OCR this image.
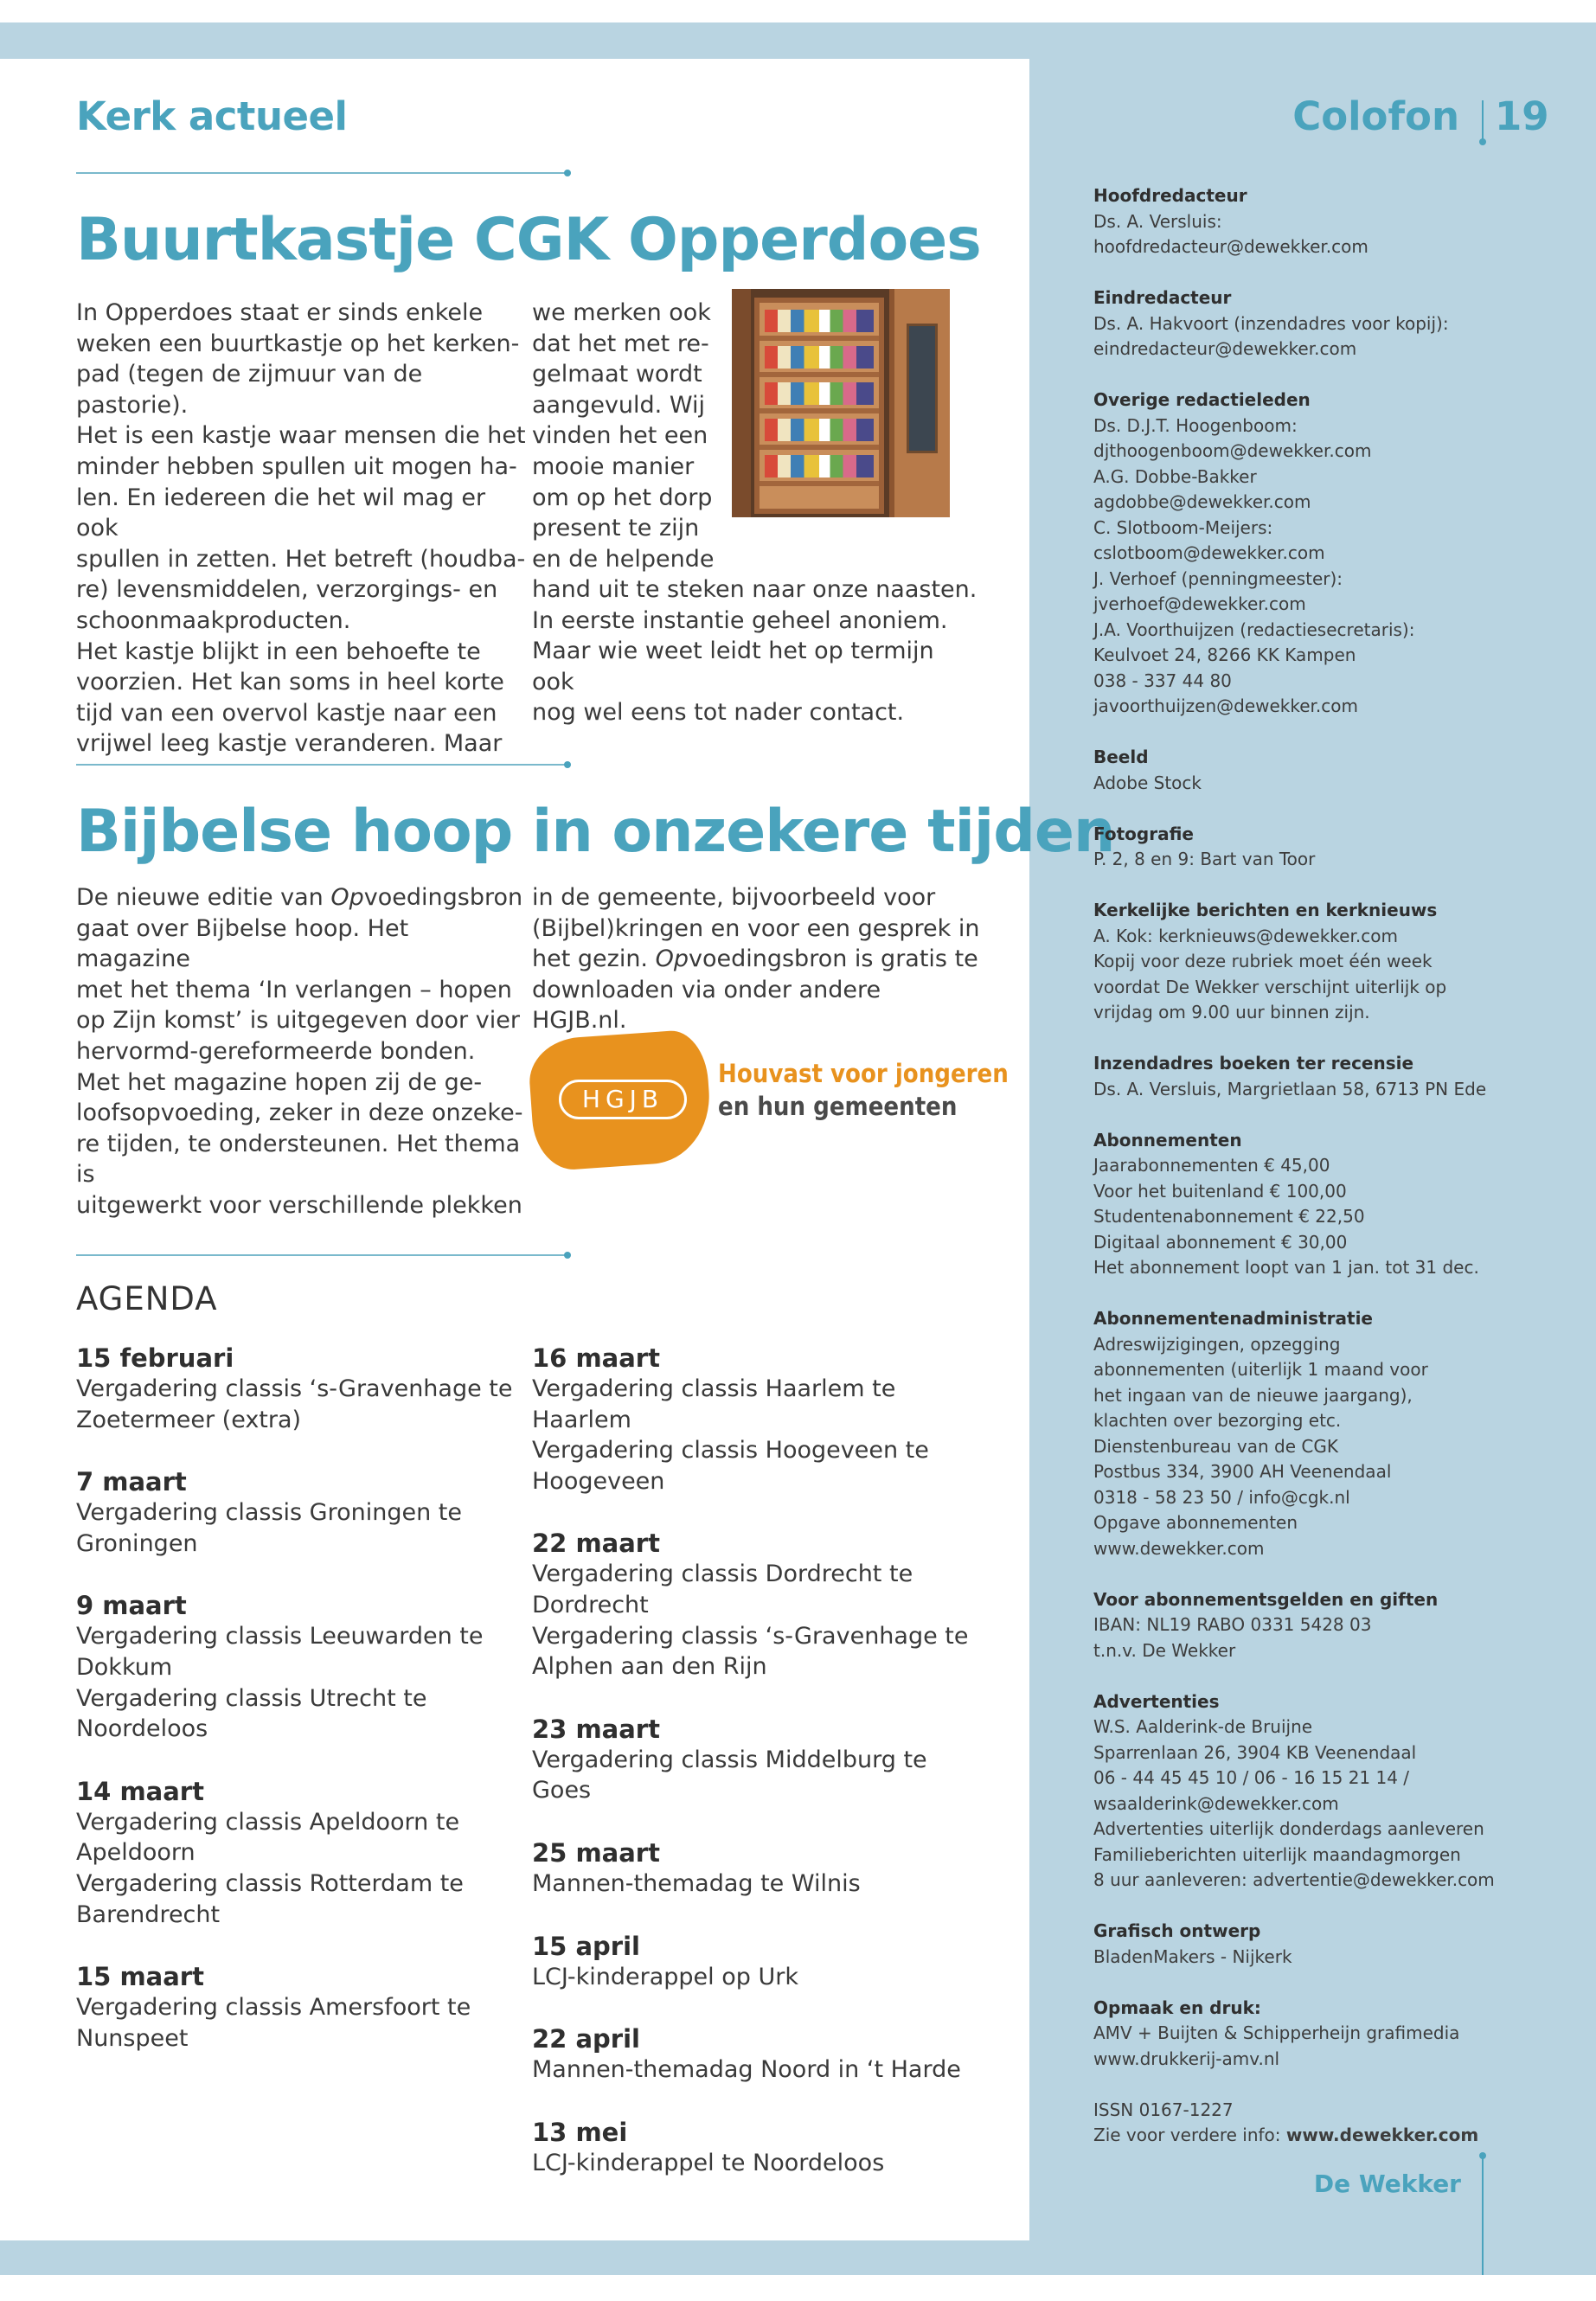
Kerk actueel
Buurtkastje CGK Opperdoes
In Opperdoes staat er sinds enkele
weken een buurtkastje op het kerken-
pad (tegen de zijmuur van de pastorie).
Het is een kastje waar mensen die het
minder hebben spullen uit mogen ha-
len. En iedereen die het wil mag er ook
spullen in zetten. Het betreft (houdba-
re) levensmiddelen, verzorgings- en
schoonmaakproducten.
Het kastje blijkt in een behoefte te
voorzien. Het kan soms in heel korte
tijd van een overvol kastje naar een
vrijwel leeg kastje veranderen. Maar
we merken ook
dat het met re-
gelmaat wordt
aangevuld. Wij
vinden het een
mooie manier
om op het dorp
present te zijn
en de helpende
hand uit te steken naar onze naasten.
In eerste instantie geheel anoniem.
Maar wie weet leidt het op termijn ook
nog wel eens tot nader contact.
Bijbelse hoop in onzekere tijden
De nieuwe editie van Opvoedingsbron
gaat over Bijbelse hoop. Het magazine
met het thema ‘In verlangen – hopen
op Zijn komst’ is uitgegeven door vier
hervormd-gereformeerde bonden.
Met het magazine hopen zij de ge-
loofsopvoeding, zeker in deze onzeke-
re tijden, te ondersteunen. Het thema is
uitgewerkt voor verschillende plekken
in de gemeente, bijvoorbeeld voor
(Bijbel)kringen en voor een gesprek in
het gezin. Opvoedingsbron is gratis te
downloaden via onder andere HGJB.nl.
HGJB
Houvast voor jongeren
en hun gemeenten
AGENDA
15 februari
Vergadering classis ‘s-Gravenhage te
Zoetermeer (extra)
7 maart
Vergadering classis Groningen te
Groningen
9 maart
Vergadering classis Leeuwarden te
Dokkum
Vergadering classis Utrecht te
Noordeloos
14 maart
Vergadering classis Apeldoorn te
Apeldoorn
Vergadering classis Rotterdam te
Barendrecht
15 maart
Vergadering classis Amersfoort te
Nunspeet
16 maart
Vergadering classis Haarlem te
Haarlem
Vergadering classis Hoogeveen te
Hoogeveen
22 maart
Vergadering classis Dordrecht te
Dordrecht
Vergadering classis ‘s-Gravenhage te
Alphen aan den Rijn
23 maart
Vergadering classis Middelburg te
Goes
25 maart
Mannen-themadag te Wilnis
15 april
LCJ-kinderappel op Urk
22 april
Mannen-themadag Noord in ‘t Harde
13 mei
LCJ-kinderappel te Noordeloos
Colofon 19
Hoofdredacteur
Ds. A. Versluis:
hoofdredacteur@dewekker.com
Eindredacteur
Ds. A. Hakvoort (inzendadres voor kopij):
eindredacteur@dewekker.com
Overige redactieleden
Ds. D.J.T. Hoogenboom:
djthoogenboom@dewekker.com
A.G. Dobbe-Bakker
agdobbe@dewekker.com
C. Slotboom-Meijers:
cslotboom@dewekker.com
J. Verhoef (penningmeester):
jverhoef@dewekker.com
J.A. Voorthuijzen (redactiesecretaris):
Keulvoet 24, 8266 KK Kampen
038 - 337 44 80
javoorthuijzen@dewekker.com
Beeld
Adobe Stock
Fotografie
P. 2, 8 en 9: Bart van Toor
Kerkelijke berichten en kerknieuws
A. Kok: kerknieuws@dewekker.com
Kopij voor deze rubriek moet één week
voordat De Wekker verschijnt uiterlijk op
vrijdag om 9.00 uur binnen zijn.
Inzendadres boeken ter recensie
Ds. A. Versluis, Margrietlaan 58, 6713 PN Ede
Abonnementen
Jaarabonnementen € 45,00
Voor het buitenland € 100,00
Studentenabonnement € 22,50
Digitaal abonnement € 30,00
Het abonnement loopt van 1 jan. tot 31 dec.
Abonnementenadministratie
Adreswijzigingen, opzegging
abonnementen (uiterlijk 1 maand voor
het ingaan van de nieuwe jaargang),
klachten over bezorging etc.
Dienstenbureau van de CGK
Postbus 334, 3900 AH Veenendaal
0318 - 58 23 50 / info@cgk.nl
Opgave abonnementen
www.dewekker.com
Voor abonnementsgelden en giften
IBAN: NL19 RABO 0331 5428 03
t.n.v. De Wekker
Advertenties
W.S. Aalderink-de Bruijne
Sparrenlaan 26, 3904 KB Veenendaal
06 - 44 45 45 10 / 06 - 16 15 21 14 /
wsaalderink@dewekker.com
Advertenties uiterlijk donderdags aanleveren
Familieberichten uiterlijk maandagmorgen
8 uur aanleveren: advertentie@dewekker.com
Grafisch ontwerp
BladenMakers - Nijkerk
Opmaak en druk:
AMV + Buijten & Schipperheijn grafimedia
www.drukkerij-amv.nl
ISSN 0167-1227
Zie voor verdere info: www.dewekker.com
De Wekker
